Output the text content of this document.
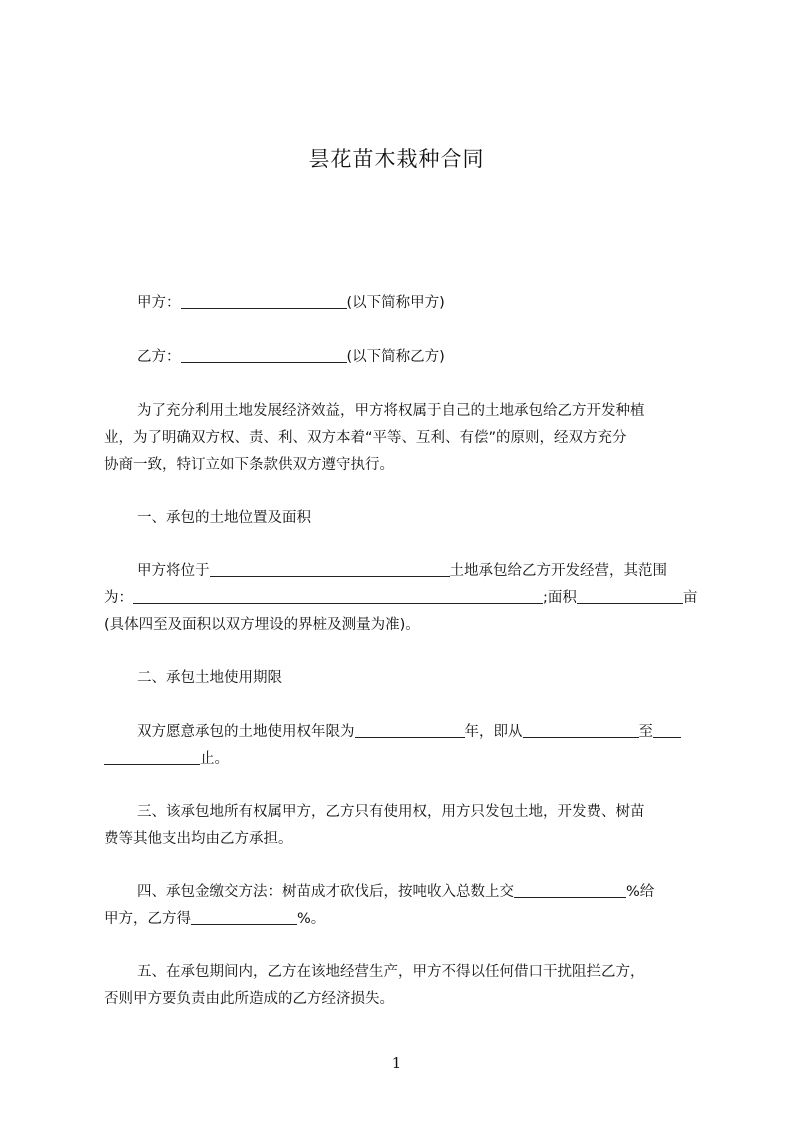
昙花苗木栽种合同
甲方：	(以下简称甲方)
乙方：	(以下简称乙方)
为了充分利用土地发展经济效益，甲方将权属于自己的土地承包给乙方开发种植
业，为了明确双方权、责、利、双方本着“平等、互利、有偿”的原则，经双方充分
协商一致，特订立如下条款供双方遵守执行。
一、承包的土地位置及面积
甲方将位于	土地承包给乙方开发经营，其范围
为：	;面积	亩
(具体四至及面积以双方埋设的界桩及测量为准)。
二、承包土地使用期限
双方愿意承包的土地使用权年限为	年，即从	至
止。
三、该承包地所有权属甲方，乙方只有使用权，用方只发包土地，开发费、树苗
费等其他支出均由乙方承担。
四、承包金缴交方法：树苗成才砍伐后，按吨收入总数上交	%给
甲方，乙方得	%。
五、在承包期间内，乙方在该地经营生产，甲方不得以任何借口干扰阻拦乙方，
否则甲方要负责由此所造成的乙方经济损失。
1
